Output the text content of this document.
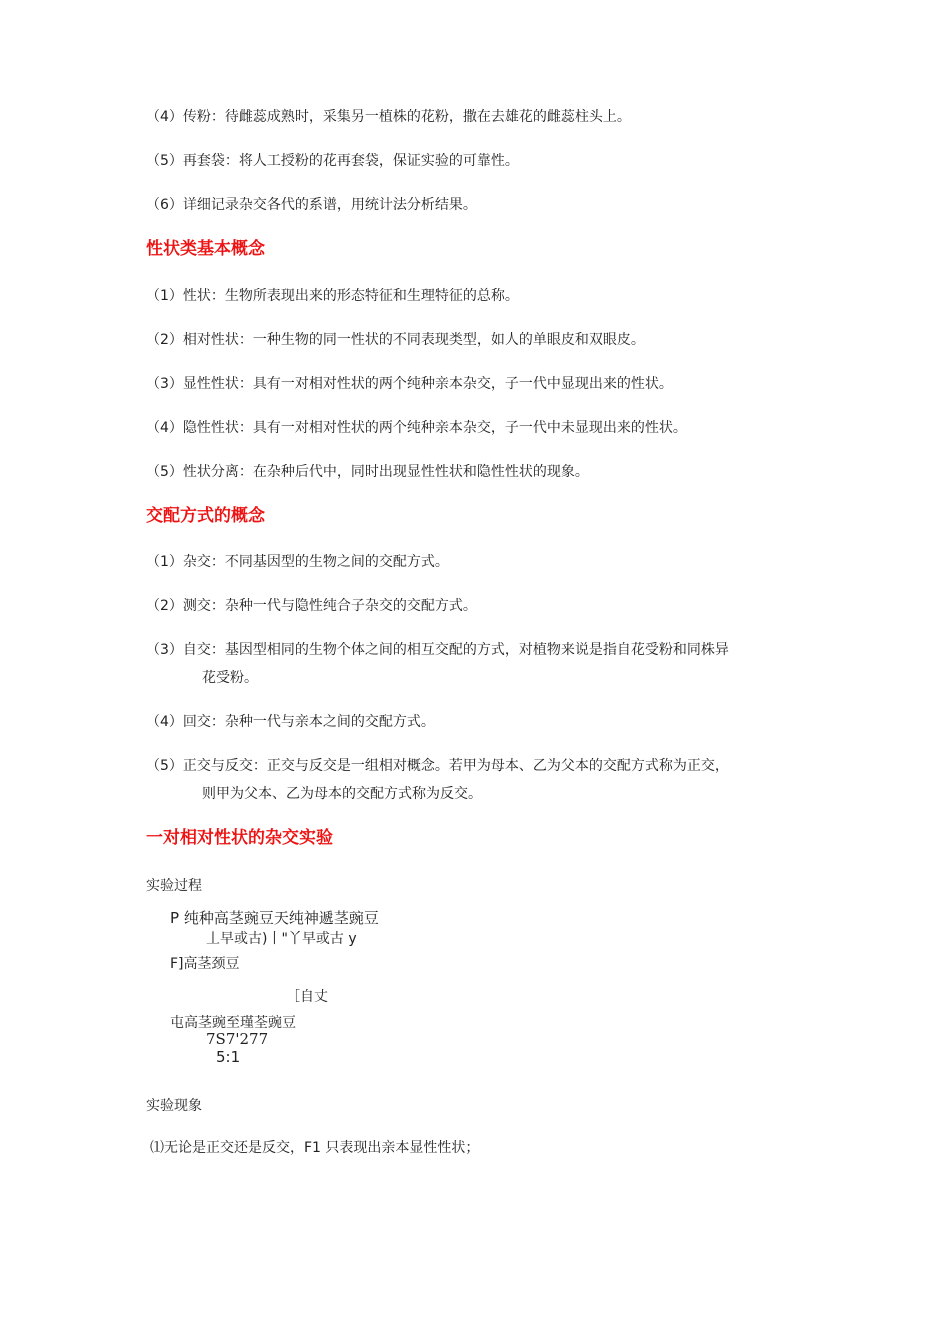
（4）传粉：待雌蕊成熟时，采集另一植株的花粉，撒在去雄花的雌蕊柱头上。
（5）再套袋：将人工授粉的花再套袋，保证实验的可靠性。
（6）详细记录杂交各代的系谱，用统计法分析结果。
性状类基本概念
（1）性状：生物所表现出来的形态特征和生理特征的总称。
（2）相对性状：一种生物的同一性状的不同表现类型，如人的单眼皮和双眼皮。
（3）显性性状：具有一对相对性状的两个纯种亲本杂交，子一代中显现出来的性状。
（4）隐性性状：具有一对相对性状的两个纯种亲本杂交，子一代中未显现出来的性状。
（5）性状分离：在杂种后代中，同时出现显性性状和隐性性状的现象。
交配方式的概念
（1）杂交：不同基因型的生物之间的交配方式。
（2）测交：杂种一代与隐性纯合子杂交的交配方式。
（3）自交：基因型相同的生物个体之间的相互交配的方式，对植物来说是指自花受粉和同株异
花受粉。
（4）回交：杂种一代与亲本之间的交配方式。
（5）正交与反交：正交与反交是一组相对概念。若甲为母本、乙为父本的交配方式称为正交，
则甲为父本、乙为母本的交配方式称为反交。
一对相对性状的杂交实验
实验过程
P 纯种高茎豌豆天纯神遞茎豌豆
丄早或古)丨"丫早或古 y
F]高茎颈豆
［自丈
屯高茎豌至瑾荃豌豆
7S7'277
5:1
实验现象
⑴无论是正交还是反交，F1 只表现出亲本显性性状；
